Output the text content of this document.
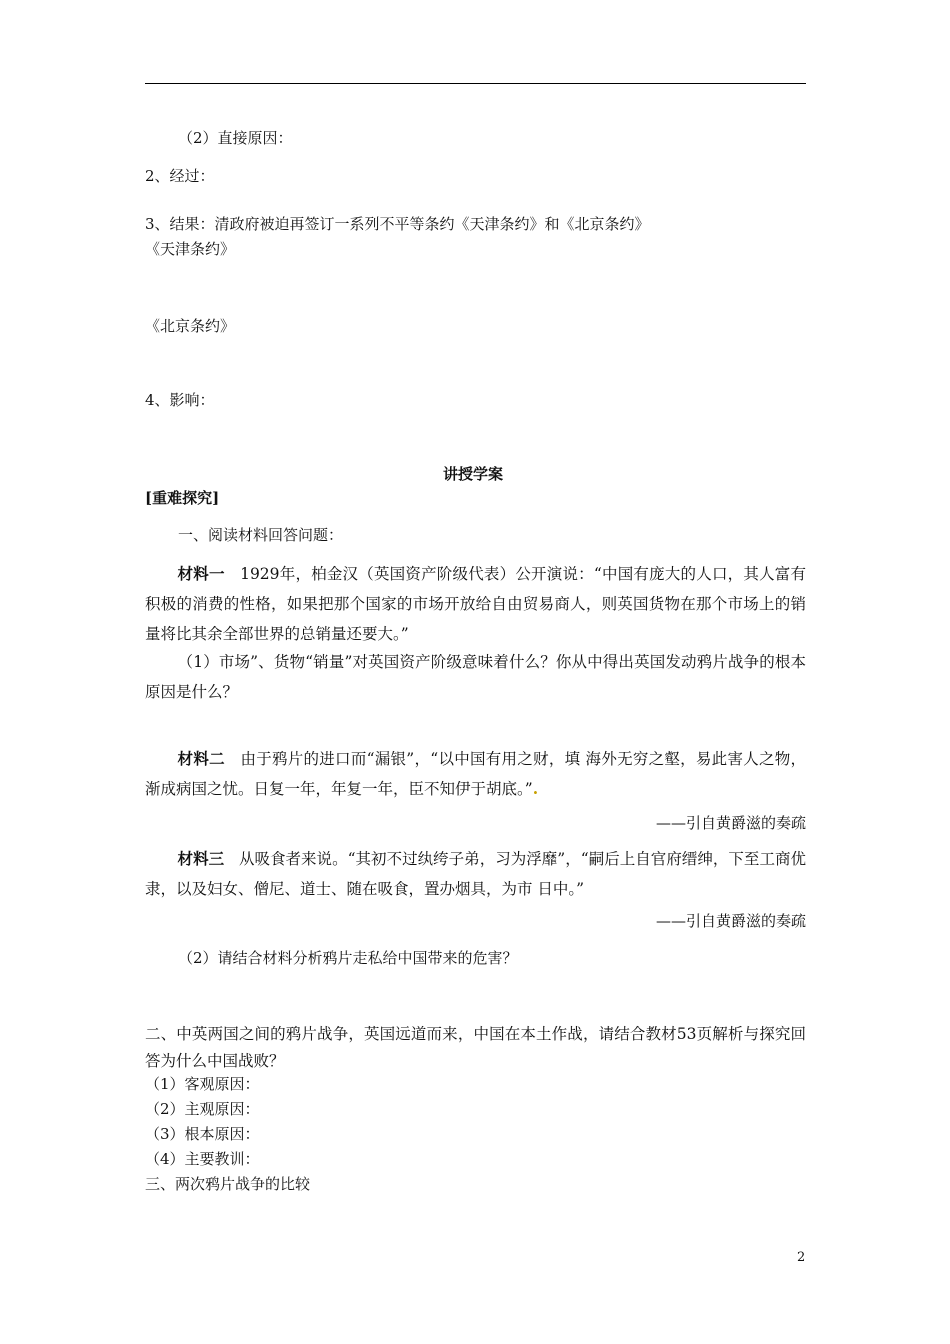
（2）直接原因：
2、经过：
3、结果：清政府被迫再签订一系列不平等条约《天津条约》和《北京条约》
《天津条约》
《北京条约》
4、影响：
讲授学案
[重难探究]
一、阅读材料回答问题：

材料一 1929年，柏金汉（英国资产阶级代表）公开演说：“中国有庞大的人口，其人富有积极的消费的性格，如果把那个国家的市场开放给自由贸易商人，则英国货物在那个市场上的销量将比其余全部世界的总销量还要大。”

（1）市场”、货物“销量”对英国资产阶级意味着什么？你从中得出英国发动鸦片战争的根本原因是什么？

材料二 由于鸦片的进口而“漏银”，“以中国有用之财，填 海外无穷之壑，易此害人之物，渐成病国之忧。日复一年，年复一年，臣不知伊于胡底。”.

——引自黄爵滋的奏疏

材料三 从吸食者来说。“其初不过纨绔子弟，习为浮靡”，“嗣后上自官府缙绅，下至工商优隶，以及妇女、僧尼、道士、随在吸食，置办烟具，为市 日中。”

——引自黄爵滋的奏疏
（2）请结合材料分析鸦片走私给中国带来的危害？

二、中英两国之间的鸦片战争，英国远道而来，中国在本土作战，请结合教材53页解析与探究回答为什么中国战败？

（1）客观原因：
（2）主观原因：
（3）根本原因：
（4）主要教训：
三、两次鸦片战争的比较
2
